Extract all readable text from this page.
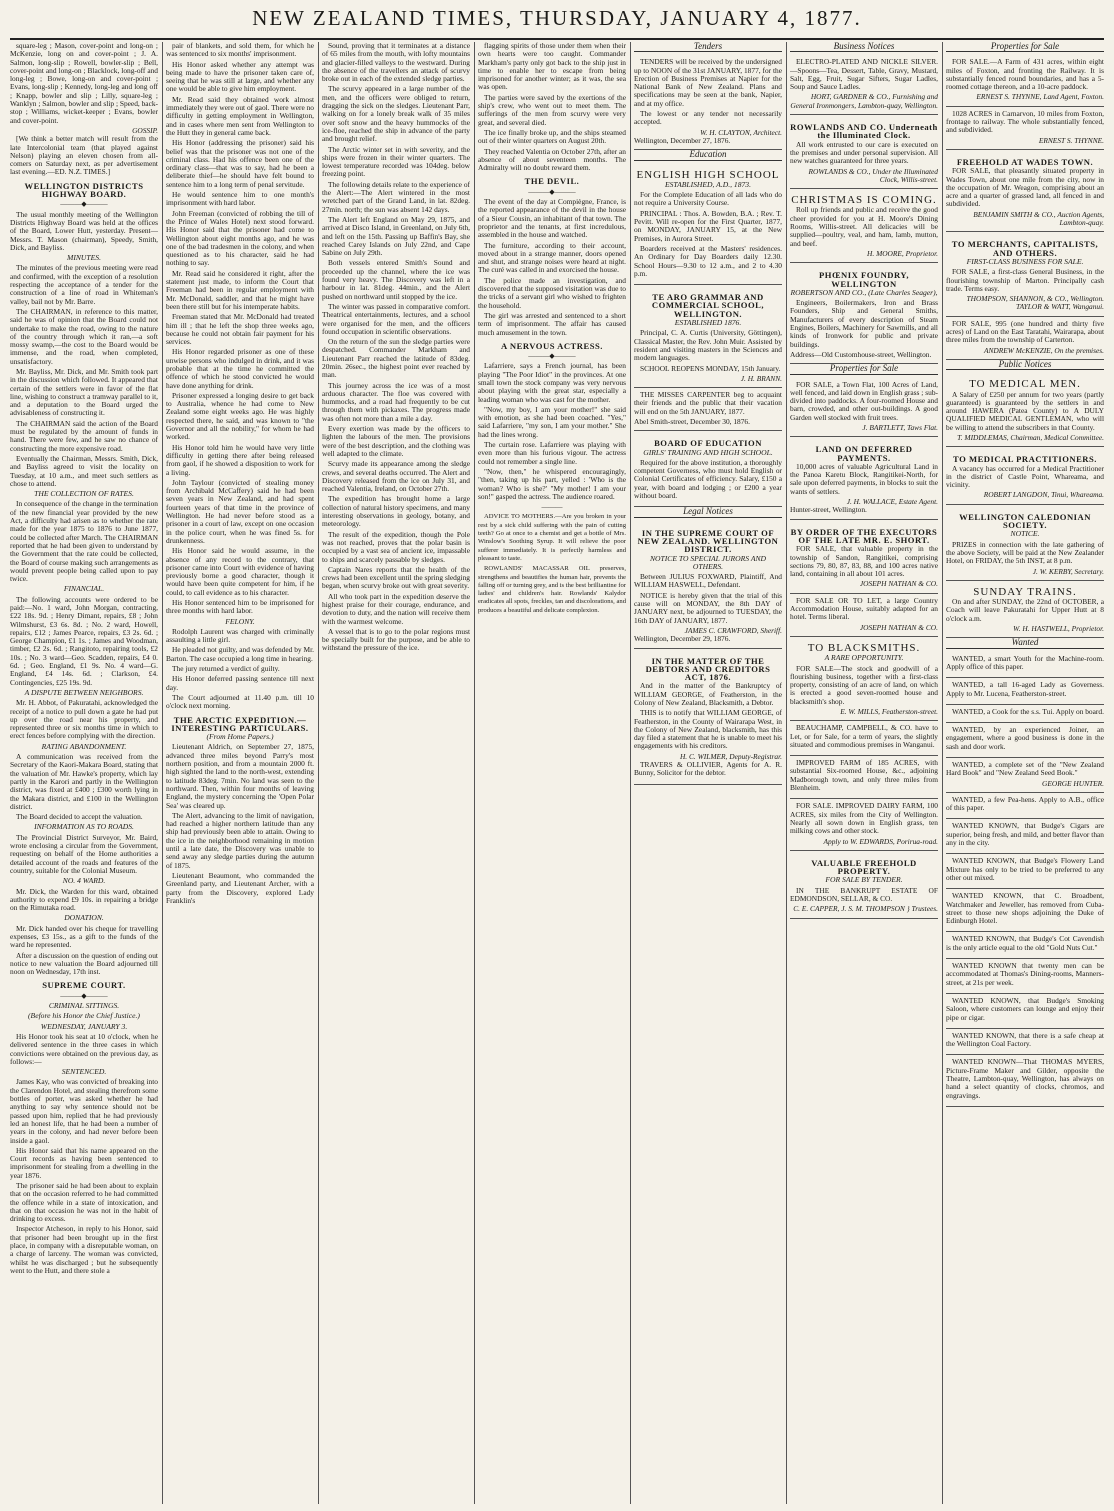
NEW ZEALAND TIMES, THURSDAY, JANUARY 4, 1877.

square-leg ; Mason, cover-point and long-on ; McKenzie, long on and cover-point ; J. A. Salmon, long-slip ; Rowell, bowler-slip ; Bell, cover-point and long-on ; Blacklock, long-off and long-leg ; Bowe, long-on and cover-point ; Evans, long-slip ; Kennedy, long-leg and long off ; Knapp, bowler and slip ; Lilly, square-leg ; Wanklyn ; Salmon, bowler and slip ; Speed, back-stop ; Williams, wicket-keeper ; Evans, bowler and cover-point.

GOSSIP.

[We think a better match will result from the late Intercolonial team (that played against Nelson) playing an eleven chosen from all-comers on Saturday next, as per advertisement last evening.—ED. N.Z. TIMES.]

WELLINGTON DISTRICTS HIGHWAY BOARD.
———◆———

The usual monthly meeting of the Wellington Districts Highway Board was held at the offices of the Board, Lower Hutt, yesterday. Present—Messrs. T. Mason (chairman), Speedy, Smith, Dick, and Bayliss.

MINUTES.

The minutes of the previous meeting were read and confirmed, with the exception of a resolution respecting the acceptance of a tender for the construction of a line of road in Whiteman's valley, bail not by Mr. Barre.

The CHAIRMAN, in reference to this matter, said he was of opinion that the Board could not undertake to make the road, owing to the nature of the country through which it ran,—a soft mossy swamp,—the cost to the Board would be immense, and the road, when completed, unsatisfactory.

Mr. Bayliss, Mr. Dick, and Mr. Smith took part in the discussion which followed. It appeared that certain of the settlers were in favor of the flat line, wishing to construct a tramway parallel to it, and a deputation to the Board urged the advisableness of constructing it.

The CHAIRMAN said the action of the Board must be regulated by the amount of funds in hand. There were few, and he saw no chance of constructing the more expensive road.

Eventually the Chairman, Messrs. Smith, Dick, and Bayliss agreed to visit the locality on Tuesday, at 10 a.m., and meet such settlers as chose to attend.

THE COLLECTION OF RATES.

In consequence of the change in the termination of the new financial year provided by the new Act, a difficulty had arisen as to whether the rate made for the year 1875 to 1876 to June 1877, could be collected after March. The CHAIRMAN reported that he had been given to understand by the Government that the rate could be collected, the Board of course making such arrangements as would prevent people being called upon to pay twice.

FINANCIAL.

The following accounts were ordered to be paid:—No. 1 ward, John Morgan, contracting, £22 18s. 9d. ; Henry Dimant, repairs, £8 ; John Wilmshurst, £3 6s. 8d. ; No. 2 ward, Howell, repairs, £12 ; James Pearce, repairs, £3 2s. 6d. ; George Champion, £1 1s. ; James and Woodman, timber, £2 2s. 6d. ; Rangitoto, repairing tools, £2 10s. ; No. 3 ward—Geo. Scadden, repairs, £4 0. 6d. ; Geo. England, £1 9s. No. 4 ward—G. England, £4 14s. 6d. ; Clarkson, £4. Contingencies, £25 19s. 9d.

A DISPUTE BETWEEN NEIGHBORS.

Mr. H. Abbot, of Pakuratahi, acknowledged the receipt of a notice to pull down a gate he had put up over the road near his property, and represented three or six months time in which to erect fences before complying with the direction.

RATING ABANDONMENT.

A communication was received from the Secretary of the Kaori-Makara Board, stating that the valuation of Mr. Hawke's property, which lay partly in the Karori and partly in the Wellington district, was fixed at £400 ; £300 worth lying in the Makara district, and £100 in the Wellington district.

The Board decided to accept the valuation.

INFORMATION AS TO ROADS.

The Provincial District Surveyor, Mr. Baird, wrote enclosing a circular from the Government, requesting on behalf of the Home authorities a detailed account of the roads and features of the country, suitable for the Colonial Museum.

NO. 4 WARD.

Mr. Dick, the Warden for this ward, obtained authority to expend £9 10s. in repairing a bridge on the Rimutaka road.

DONATION.

Mr. Dick handed over his cheque for travelling expenses, £3 15s., as a gift to the funds of the ward he represented.

After a discussion on the question of ending out notice to new valuation the Board adjourned till noon on Wednesday, 17th inst.

SUPREME COURT.
———◆———
CRIMINAL SITTINGS.
(Before his Honor the Chief Justice.)
WEDNESDAY, JANUARY 3.

His Honor took his seat at 10 o'clock, when he delivered sentence in the three cases in which convictions were obtained on the previous day, as follows:—

SENTENCED.

James Kay, who was convicted of breaking into the Clarendon Hotel, and stealing therefrom some bottles of porter, was asked whether he had anything to say why sentence should not be passed upon him, replied that he had previously led an honest life, that he had been a number of years in the colony, and had never before been inside a gaol.

His Honor said that his name appeared on the Court records as having been sentenced to imprisonment for stealing from a dwelling in the year 1876.

The prisoner said he had been about to explain that on the occasion referred to he had committed the offence while in a state of intoxication, and that on that occasion he was not in the habit of drinking to excess.

Inspector Atcheson, in reply to his Honor, said that prisoner had been brought up in the first place, in company with a disreputable woman, on a charge of larceny. The woman was convicted, whilst he was discharged ; but he subsequently went to the Hutt, and there stole a

pair of blankets, and sold them, for which he was sentenced to six months' imprisonment.

His Honor asked whether any attempt was being made to have the prisoner taken care of, seeing that he was still at large, and whether any one would be able to give him employment.

Mr. Read said they obtained work almost immediately they were out of gaol. There were no difficulty in getting employment in Wellington, and in cases where men sent from Wellington to the Hutt they in general came back.

His Honor (addressing the prisoner) said his belief was that the prisoner was not one of the criminal class. Had his offence been one of the ordinary class—that was to say, had he been a deliberate thief—he should have felt bound to sentence him to a long term of penal servitude.

He would sentence him to one month's imprisonment with hard labor.

John Freeman (convicted of robbing the till of the Prince of Wales Hotel) next stood forward. His Honor said that the prisoner had come to Wellington about eight months ago, and he was one of the bad tradesmen in the colony, and when questioned as to his character, said he had nothing to say.

Mr. Read said he considered it right, after the statement just made, to inform the Court that Freeman had been in regular employment with Mr. McDonald, saddler, and that he might have been there still but for his intemperate habits.

Freeman stated that Mr. McDonald had treated him ill ; that he left the shop three weeks ago, because he could not obtain fair payment for his services.

His Honor regarded prisoner as one of these unwise persons who indulged in drink, and it was probable that at the time he committed the offence of which he stood convicted he would have done anything for drink.

Prisoner expressed a longing desire to get back to Australia, whence he had come to New Zealand some eight weeks ago. He was highly respected there, he said, and was known to "the Governor and all the nobility," for whom he had worked.

His Honor told him he would have very little difficulty in getting there after being released from gaol, if he showed a disposition to work for a living.

John Taylour (convicted of stealing money from Archibald McCaffery) said he had been seven years in New Zealand, and had spent fourteen years of that time in the province of Wellington. He had never before stood as a prisoner in a court of law, except on one occasion in the police court, when he was fined 5s. for drunkenness.

His Honor said he would assume, in the absence of any record to the contrary, that prisoner came into Court with evidence of having previously borne a good character, though it would have been quite competent for him, if he could, to call evidence as to his character.

His Honor sentenced him to be imprisoned for three months with hard labor.

FELONY.

Rodolph Laurent was charged with criminally assaulting a little girl.

He pleaded not guilty, and was defended by Mr. Barton. The case occupied a long time in hearing.

The jury returned a verdict of guilty.

His Honor deferred passing sentence till next day.

The Court adjourned at 11.40 p.m. till 10 o'clock next morning.

THE ARCTIC EXPEDITION.—INTERESTING PARTICULARS.
(From Home Papers.)

Lieutenant Aldrich, on September 27, 1875, advanced three miles beyond Parry's most northern position, and from a mountain 2000 ft. high sighted the land to the north-west, extending to latitude 83deg. 7min. No land was seen to the northward. Then, within four months of leaving England, the mystery concerning the 'Open Polar Sea' was cleared up.

The Alert, advancing to the limit of navigation, had reached a higher northern latitude than any ship had previously been able to attain. Owing to the ice in the neighborhood remaining in motion until a late date, the Discovery was unable to send away any sledge parties during the autumn of 1875.

Lieutenant Beaumont, who commanded the Greenland party, and Lieutenant Archer, with a party from the Discovery, explored Lady Franklin's

Sound, proving that it terminates at a distance of 65 miles from the mouth, with lofty mountains and glacier-filled valleys to the westward. During the absence of the travellers an attack of scurvy broke out in each of the extended sledge parties.

The scurvy appeared in a large number of the men, and the officers were obliged to return, dragging the sick on the sledges. Lieutenant Parr, walking on for a lonely break walk of 35 miles over soft snow and the heavy hummocks of the ice-floe, reached the ship in advance of the party and brought relief.

The Arctic winter set in with severity, and the ships were frozen in their winter quarters. The lowest temperature recorded was 104deg. below freezing point.

The following details relate to the experience of the Alert:—The Alert wintered in the most wretched part of the Grand Land, in lat. 82deg. 27min. north; the sun was absent 142 days.

The Alert left England on May 29, 1875, and arrived at Disco Island, in Greenland, on July 6th, and left on the 15th. Passing up Baffin's Bay, she reached Carey Islands on July 22nd, and Cape Sabine on July 29th.

Both vessels entered Smith's Sound and proceeded up the channel, where the ice was found very heavy. The Discovery was left in a harbour in lat. 81deg. 44min., and the Alert pushed on northward until stopped by the ice.

The winter was passed in comparative comfort. Theatrical entertainments, lectures, and a school were organised for the men, and the officers found occupation in scientific observations.

On the return of the sun the sledge parties were despatched. Commander Markham and Lieutenant Parr reached the latitude of 83deg. 20min. 26sec., the highest point ever reached by man.

This journey across the ice was of a most arduous character. The floe was covered with hummocks, and a road had frequently to be cut through them with pickaxes. The progress made was often not more than a mile a day.

Every exertion was made by the officers to lighten the labours of the men. The provisions were of the best description, and the clothing was well adapted to the climate.

Scurvy made its appearance among the sledge crews, and several deaths occurred. The Alert and Discovery released from the ice on July 31, and reached Valentia, Ireland, on October 27th.

The expedition has brought home a large collection of natural history specimens, and many interesting observations in geology, botany, and meteorology.

The result of the expedition, though the Pole was not reached, proves that the polar basin is occupied by a vast sea of ancient ice, impassable to ships and scarcely passable by sledges.

Captain Nares reports that the health of the crews had been excellent until the spring sledging began, when scurvy broke out with great severity.

All who took part in the expedition deserve the highest praise for their courage, endurance, and devotion to duty, and the nation will receive them with the warmest welcome.

A vessel that is to go to the polar regions must be specially built for the purpose, and be able to withstand the pressure of the ice.

flagging spirits of those under them when their own hearts were too caught. Commander Markham's party only got back to the ship just in time to enable her to escape from being imprisoned for another winter; as it was, the sea was open.

The parties were saved by the exertions of the ship's crew, who went out to meet them. The sufferings of the men from scurvy were very great, and several died.

The ice finally broke up, and the ships steamed out of their winter quarters on August 20th.

They reached Valentia on October 27th, after an absence of about seventeen months. The Admiralty will no doubt reward them.

THE DEVIL.
———◆———

The event of the day at Compiègne, France, is the reported appearance of the devil in the house of a Sieur Cousin, an inhabitant of that town. The proprietor and the tenants, at first incredulous, assembled in the house and watched.

The furniture, according to their account, moved about in a strange manner, doors opened and shut, and strange noises were heard at night. The curé was called in and exorcised the house.

The police made an investigation, and discovered that the supposed visitation was due to the tricks of a servant girl who wished to frighten the household.

The girl was arrested and sentenced to a short term of imprisonment. The affair has caused much amusement in the town.

A NERVOUS ACTRESS.
———◆———

Lafarriere, says a French journal, has been playing "The Poor Idiot" in the provinces. At one small town the stock company was very nervous about playing with the great star, especially a leading woman who was cast for the mother.

"Now, my boy, I am your mother!" she said with emotion, as she had been coached. "Yes," said Lafarriere, "my son, I am your mother." She had the lines wrong.

The curtain rose. Lafarriere was playing with even more than his furious vigour. The actress could not remember a single line.

"Now, then," he whispered encouragingly, "then, taking up his part, yelled : 'Who is the woman? Who is she?' "My mother! I am your son!" gasped the actress. The audience roared.

———

ADVICE TO MOTHERS.—Are you broken in your rest by a sick child suffering with the pain of cutting teeth? Go at once to a chemist and get a bottle of Mrs. Winslow's Soothing Syrup. It will relieve the poor sufferer immediately. It is perfectly harmless and pleasant to taste.

ROWLANDS' MACASSAR OIL preserves, strengthens and beautifies the human hair, prevents the falling off or turning grey, and is the best brilliantine for ladies' and children's hair. Rowlands' Kalydor eradicates all spots, freckles, tan and discolorations, and produces a beautiful and delicate complexion.

Tenders

TENDERS will be received by the undersigned up to NOON of the 31st JANUARY, 1877, for the Erection of Business Premises at Napier for the National Bank of New Zealand. Plans and specifications may be seen at the bank, Napier, and at my office.

The lowest or any tender not necessarily accepted.

W. H. CLAYTON, Architect.
Wellington, December 27, 1876.
Education
ENGLISH HIGH SCHOOL
ESTABLISHED, A.D., 1873.

For the Complete Education of all lads who do not require a University Course.

PRINCIPAL : Thos. A. Bowden, B.A. ; Rev. T. Pevitt. Will re-open for the First Quarter, 1877, on MONDAY, JANUARY 15, at the New Premises, in Aurora Street.

Boarders received at the Masters' residences. An Ordinary for Day Boarders daily 12.30. School Hours—9.30 to 12 a.m., and 2 to 4.30 p.m.

TE ARO GRAMMAR AND COMMERCIAL SCHOOL, WELLINGTON.
ESTABLISHED 1876.

Principal, C. A. Curtis (University, Göttingen), Classical Master, the Rev. John Muir. Assisted by resident and visiting masters in the Sciences and modern languages.

SCHOOL REOPENS MONDAY, 15th January.

J. H. BRANN.

THE MISSES CARPENTER beg to acquaint their friends and the public that their vacation will end on the 5th JANUARY, 1877.

Abel Smith-street, December 30, 1876.
BOARD OF EDUCATION
GIRLS' TRAINING AND HIGH SCHOOL.

Required for the above institution, a thoroughly competent Governess, who must hold English or Colonial Certificates of efficiency. Salary, £150 a year, with board and lodging ; or £200 a year without board.

Legal Notices
IN THE SUPREME COURT OF NEW ZEALAND. WELLINGTON DISTRICT.
NOTICE TO SPECIAL JURORS AND OTHERS.

Between JULIUS FOXWARD, Plaintiff, And WILLIAM HASWELL, Defendant.

NOTICE is hereby given that the trial of this cause will on MONDAY, the 8th DAY of JANUARY next, be adjourned to TUESDAY, the 16th DAY of JANUARY, 1877.

JAMES C. CRAWFORD, Sheriff.
Wellington, December 29, 1876.
IN THE MATTER OF THE DEBTORS AND CREDITORS ACT, 1876.

And in the matter of the Bankruptcy of WILLIAM GEORGE, of Featherston, in the Colony of New Zealand, Blacksmith, a Debtor.

THIS is to notify that WILLIAM GEORGE, of Featherston, in the County of Wairarapa West, in the Colony of New Zealand, blacksmith, has this day filed a statement that he is unable to meet his engagements with his creditors.

H. C. WILMER, Deputy-Registrar.

TRAVERS & OLLIVIER, Agents for A. R. Bunny, Solicitor for the debtor.

Business Notices

ELECTRO-PLATED AND NICKLE SILVER.—Spoons—Tea, Dessert, Table, Gravy, Mustard, Salt, Egg, Fruit, Sugar Sifters, Sugar Ladles, Soup and Sauce Ladles.

HORT, GARDNER & CO., Furnishing and General Ironmongers, Lambton-quay, Wellington.
ROWLANDS AND CO. Underneath the Illuminated Clock.

All work entrusted to our care is executed on the premises and under personal supervision. All new watches guaranteed for three years.

ROWLANDS & CO., Under the Illuminated Clock, Willis-street.
CHRISTMAS IS COMING.

Roll up friends and public and receive the good cheer provided for you at H. Moore's Dining Rooms, Willis-street. All delicacies will be supplied—poultry, veal, and ham, lamb, mutton, and beef.

H. MOORE, Proprietor.
PHŒNIX FOUNDRY, WELLINGTON
ROBERTSON AND CO., (Late Charles Seager),

Engineers, Boilermakers, Iron and Brass Founders, Ship and General Smiths, Manufacturers of every description of Steam Engines, Boilers, Machinery for Sawmills, and all kinds of Ironwork for public and private buildings.

Address—Old Customhouse-street, Wellington.
Properties for Sale

FOR SALE, a Town Flat, 100 Acres of Land, well fenced, and laid down in English grass ; sub-divided into paddocks. A four-roomed House and barn, crowded, and other out-buildings. A good Garden well stocked with fruit trees.

J. BARTLETT, Taws Flat.
LAND ON DEFERRED PAYMENTS.

10,000 acres of valuable Agricultural Land in the Panoa Karetu Block, Rangitikei-North, for sale upon deferred payments, in blocks to suit the wants of settlers.

J. H. WALLACE, Estate Agent.
Hunter-street, Wellington.
BY ORDER OF THE EXECUTORS OF THE LATE MR. E. SHORT.

FOR SALE, that valuable property in the township of Sandon, Rangitikei, comprising sections 79, 80, 87, 83, 88, and 100 acres native land, containing in all about 101 acres.

JOSEPH NATHAN & CO.

FOR SALE OR TO LET, a large Country Accommodation House, suitably adapted for an hotel. Terms liberal.

JOSEPH NATHAN & CO.
TO BLACKSMITHS.
A RARE OPPORTUNITY.

FOR SALE—The stock and goodwill of a flourishing business, together with a first-class property, consisting of an acre of land, on which is erected a good seven-roomed house and blacksmith's shop.

E. W. MILLS, Featherston-street.

BEAUCHAMP, CAMPBELL, & CO. have to Let, or for Sale, for a term of years, the slightly situated and commodious premises in Wanganui.

IMPROVED FARM of 185 ACRES, with substantial Six-roomed House, &c., adjoining Madborough town, and only three miles from Blenheim.

FOR SALE. IMPROVED DAIRY FARM, 100 ACRES, six miles from the City of Wellington. Nearly all sown down in English grass, ten milking cows and other stock.

Apply to W. EDWARDS, Porirua-road.
VALUABLE FREEHOLD PROPERTY.
FOR SALE BY TENDER.

IN THE BANKRUPT ESTATE OF EDMONDSON, SELLAR, & CO.

C. E. CAPPER, J. S. M. THOMPSON } Trustees.
Properties for Sale

FOR SALE.—A Farm of 431 acres, within eight miles of Foxton, and fronting the Railway. It is substantially fenced round boundaries, and has a 5-roomed cottage thereon, and a 10-acre paddock.

ERNEST S. THYNNE, Land Agent, Foxton.

1028 ACRES in Carnarvon, 10 miles from Foxton, frontage to railway. The whole substantially fenced, and subdivided.

ERNEST S. THYNNE.
FREEHOLD AT WADES TOWN.

FOR SALE, that pleasantly situated property in Wades Town, about one mile from the city, now in the occupation of Mr. Weagon, comprising about an acre and a quarter of grassed land, all fenced in and subdivided.

BENJAMIN SMITH & CO., Auction Agents, Lambton-quay.
TO MERCHANTS, CAPITALISTS, AND OTHERS.
FIRST-CLASS BUSINESS FOR SALE.

FOR SALE, a first-class General Business, in the flourishing township of Marton. Principally cash trade. Terms easy.

THOMPSON, SHANNON, & CO., Wellington. TAYLOR & WATT, Wanganui.

FOR SALE, 995 (one hundred and thirty five acres) of Land on the East Taratahi, Wairarapa, about three miles from the township of Carterton.

ANDREW McKENZIE, On the premises.
Public Notices
TO MEDICAL MEN.

A Salary of £250 per annum for two years (partly guaranteed) is guaranteed by the settlers in and around HAWERA (Patea County) to A DULY QUALIFIED MEDICAL GENTLEMAN, who will be willing to attend the subscribers in that County.

T. MIDDLEMAS, Chairman, Medical Committee.
TO MEDICAL PRACTITIONERS.

A vacancy has occurred for a Medical Practitioner in the district of Castle Point, Whareama, and vicinity.

ROBERT LANGDON, Tinui, Whareama.
WELLINGTON CALEDONIAN SOCIETY.
NOTICE.

PRIZES in connection with the late gathering of the above Society, will be paid at the New Zealander Hotel, on FRIDAY, the 5th INST, at 8 p.m.

J. W. KERBY, Secretary.
SUNDAY TRAINS.

On and after SUNDAY, the 22nd of OCTOBER, a Coach will leave Pakuratahi for Upper Hutt at 8 o'clock a.m.

W. H. HASTWELL, Proprietor.
Wanted

WANTED, a smart Youth for the Machine-room. Apply office of this paper.

WANTED, a tall 16-aged Lady as Governess. Apply to Mr. Lucena, Featherston-street.

WANTED, a Cook for the s.s. Tui. Apply on board.

WANTED, by an experienced Joiner, an engagement, where a good business is done in the sash and door work.

WANTED, a complete set of the "New Zealand Hard Book" and "New Zealand Seed Book."

GEORGE HUNTER.

WANTED, a few Pea-hens. Apply to A.B., office of this paper.

WANTED KNOWN, that Budge's Cigars are superior, being fresh, and mild, and better flavor than any in the city.

WANTED KNOWN, that Budge's Flowery Land Mixture has only to be tried to be preferred to any other out mixed.

WANTED KNOWN, that C. Broadbent, Watchmaker and Jeweller, has removed from Cuba-street to those new shops adjoining the Duke of Edinburgh Hotel.

WANTED KNOWN, that Budge's Cot Cavendish is the only article equal to the old "Gold Nuts Cut."

WANTED KNOWN that twenty men can be accommodated at Thomas's Dining-rooms, Manners-street, at 21s per week.

WANTED KNOWN, that Budge's Smoking Saloon, where customers can lounge and enjoy their pipe or cigar.

WANTED KNOWN, that there is a safe cheap at the Wellington Coal Factory.

WANTED KNOWN—That THOMAS MYERS, Picture-Frame Maker and Gilder, opposite the Theatre, Lambton-quay, Wellington, has always on hand a select quantity of clocks, chromos, and engravings.
